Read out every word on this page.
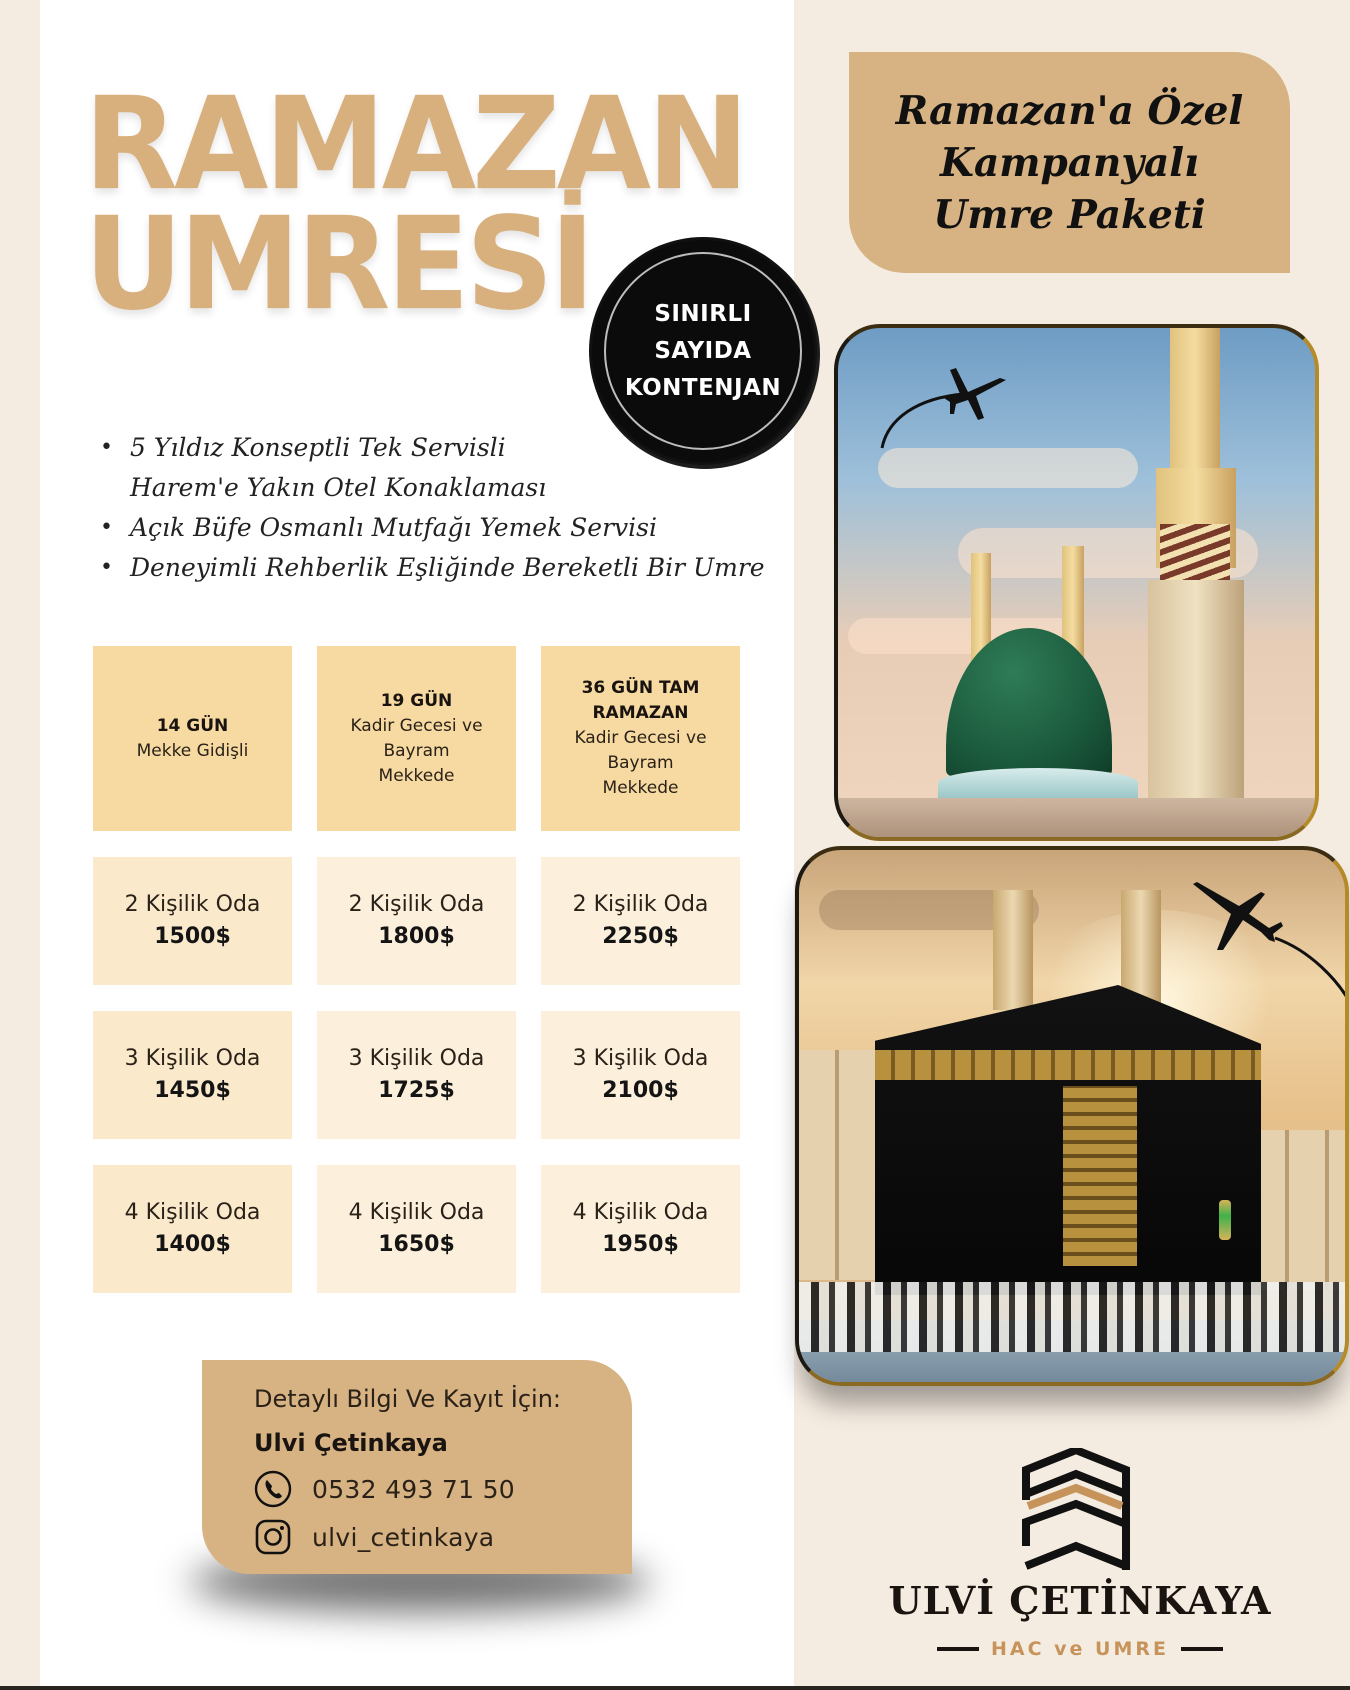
RAMAZAN
UMRESİ	SINIRLI
SAYIDA
KONTENJAN
• 5 Yıldız Konseptli Tek Servisli
Harem'e Yakın Otel Konaklaması
• Açık Büfe Osmanlı Mutfağı Yemek Servisi
• Deneyimli Rehberlik Eşliğinde Bereketli Bir Umre
14 GÜN
Mekke Gidişli
19 GÜN
Kadir Gecesi ve
Bayram
Mekkede
36 GÜN TAM
RAMAZAN
Kadir Gecesi ve
Bayram
Mekkede
2 Kişilik Oda
1500$
2 Kişilik Oda
1800$
2 Kişilik Oda
2250$
3 Kişilik Oda
1450$
3 Kişilik Oda
1725$
3 Kişilik Oda
2100$
4 Kişilik Oda
1400$
4 Kişilik Oda
1650$
4 Kişilik Oda
1950$
Detaylı Bilgi Ve Kayıt İçin:
Ulvi Çetinkaya
0532 493 71 50
ulvi_cetinkaya
Ramazan'a Özel
Kampanyalı
Umre Paketi
ULVİ ÇETİNKAYA
HAC ve UMRE
